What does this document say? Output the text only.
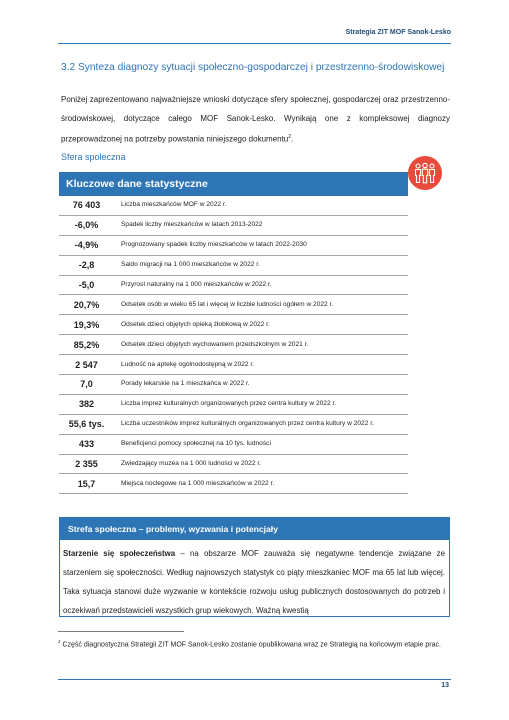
Strategia ZIT MOF Sanok-Lesko
3.2 Synteza diagnozy sytuacji społeczno-gospodarczej i przestrzenno-środowiskowej

Poniżej zaprezentowano najważniejsze wnioski dotyczące sfery społecznej, gospodarczej oraz przestrzenno-środowiskowej, dotyczące całego MOF Sanok-Lesko. Wynikają one z kompleksowej diagnozy przeprowadzonej na potrzeby powstania niniejszego dokumentu$^2$.

Sfera społeczna
Kluczowe dane statystyczne
76 403	Liczba mieszkańców MOF w 2022 r.
-6,0%	Spadek liczby mieszkańców w latach 2013-2022
-4,9%	Prognozowany spadek liczby mieszkańców w latach 2022-2030
-2,8	Saldo migracji na 1 000 mieszkańców w 2022 r.
-5,0	Przyrost naturalny na 1 000 mieszkańców w 2022 r.
20,7%	Odsetek osób w wieku 65 lat i więcej w liczbie ludności ogółem w 2022 r.
19,3%	Odsetek dzieci objętych opieką żłobkową w 2022 r.
85,2%	Odsetek dzieci objętych wychowaniem przedszkolnym w 2021 r.
2 547	Ludność na aptekę ogólnodostępną w 2022 r.
7,0	Porady lekarskie na 1 mieszkańca w 2022 r.
382	Liczba imprez kulturalnych organizowanych przez centra kultury w 2022 r.
55,6 tys.	Liczba uczestników imprez kulturalnych organizowanych przez centra kultury w 2022 r.
433	Beneficjenci pomocy społecznej na 10 tys. ludności
2 355	Zwiedzający muzea na 1 000 ludności w 2022 r.
15,7	Miejsca noclegowe na 1 000 mieszkańców w 2022 r.
Strefa społeczna – problemy, wyzwania i potencjały

Starzenie się społeczeństwa – na obszarze MOF zauważa się negatywne tendencje związane ze starzeniem się społeczności. Według najnowszych statystyk co piąty mieszkaniec MOF ma 65 lat lub więcej. Taka sytuacja stanowi duże wyzwanie w kontekście rozwoju usług publicznych dostosowanych do potrzeb i oczekiwań przedstawicieli wszystkich grup wiekowych. Ważną kwestią

$^2$ Część diagnostyczna Strategii ZIT MOF Sanok-Lesko zostanie opublikowana wraz ze Strategią na końcowym etapie prac.

13
